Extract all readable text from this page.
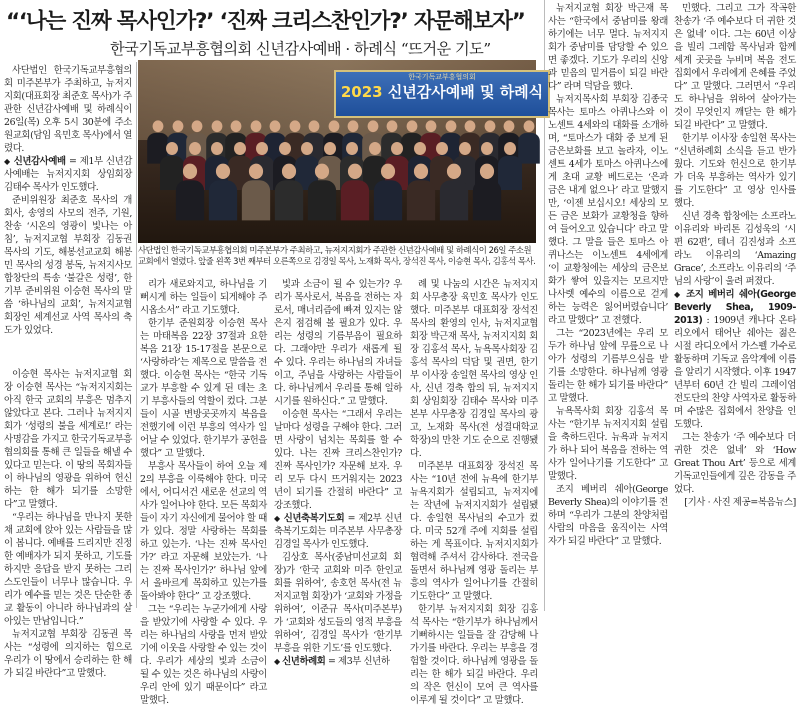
“‘나는 진짜 목사인가?’ ‘진짜 크리스찬인가?’ 자문해보자”
한국기독교부흥협의회 신년감사예배 · 하례식 “뜨거운 기도”

사단법인 한국기독교부흥협의회 미주본부가 주최하고, 뉴저지지회(대표회장 최준호 목사)가 주관한 신년감사예배 및 하례식이 26일(목) 오후 5시 30분에 주소원교회(담임 육민호 목사)에서 열렸다.

◆ 신년감사예배 = 제1부 신년감사예배는 뉴저지지회 상임회장 김태수 목사가 인도했다.

준비위원장 최준호 목사의 개회사, 송영의 사모의 전주, 기원, 찬송 ‘시온의 영광이 빛나는 아침’, 뉴저지교협 부회장 김동권 목사의 기도, 해봉선교교회 해봉민 목사의 성경 봉독, 뉴저지사모합창단의 특송 ‘불갈은 성령’, 한기부 준비위원 이승현 목사의 말씀 ‘하나님의 교회’, 뉴저지교협 회장인 세계선교 사역 목사의 축도가 있었다.

이승현 목사는 뉴저지교협 회장 이승현 목사는 “뉴저지지회는 아직 한국 교회의 부흥은 멈추지 않았다고 본다. 그러나 뉴저지지회가 ‘성령의 불을 세계로!’ 라는 사명감을 가지고 한국기독교부흥협의회를 통해 큰 일들을 해낼 수 있다고 믿는다. 이 땅의 목회자들이 하나님의 영광을 위하여 헌신하는 한 해가 되기를 소망한다”고 말했다.

“우리는 하나님을 만나지 못한 채 교회에 앉아 있는 사람들을 많이 봅니다. 예배를 드리지만 진정한 예배자가 되지 못하고, 기도를 하지만 응답을 받지 못하는 그리스도인들이 너무나 많습니다. 우리가 예수를 믿는 것은 단순한 종교 활동이 아니라 하나님과의 살아있는 만남입니다.”

뉴저지교협 부회장 김동권 목사는 “성령에 의지하는 힘으로 우리가 이 땅에서 승리하는 한 해가 되길 바란다”고 말했다.

한국기독교부흥협의회
2023 신년감사예배 및 하례식
사단법인 한국기독교부흥협의회 미주본부가 주최하고, 뉴저지지회가 주관한 신년감사예배 및 하례식이 26일 주소원교회에서 열렸다. 앞줄 왼쪽 3번 째부터 오른쪽으로 김경일 목사, 노재화 목사, 장석진 목사, 이승현 목사, 김홍석 목사.

리가 새로와지고, 하나님을 기뻐시게 하는 일들이 되게해야 주시옵소서” 라고 기도했다.

한기부 준원회장 이승현 목사는 마태복음 22장 37절과 요한복음 21장 15-17절을 본문으로 ‘사랑하라’는 제목으로 말씀을 전했다. 이승현 목사는 “한국 기독교가 부흥할 수 있게 된 데는 초기 부흥사들의 역할이 컸다. 그분들이 시골 변방곳곳까지 복음을 전했기에 이런 부흥의 역사가 일어날 수 있었다. 한기부가 공헌을 했다” 고 말했다.

부흥사 목사들이 하여 오늘 제2의 부흥을 이룩해야 한다. 미국에서, 어디서건 새로운 선교의 역사가 일어나야 한다. 모든 목회자들이 자기 자신에게 물어야 할 때가 있다. 정말 사랑하는 목회를 하고 있는가. ‘나는 진짜 목사인가?’ 라고 자문해 보았는가. ‘나는 진짜 목사인가?’ 하나님 앞에서 올바르게 목회하고 있는가를 돌아봐야 한다” 고 강조했다.

그는 “우리는 누군가에게 사랑을 받았기에 사랑할 수 있다. 우리는 하나님의 사랑을 먼저 받았기에 이웃을 사랑할 수 있는 것이다. 우리가 세상의 빛과 소금이 될 수 있는 것은 하나님의 사랑이 우리 안에 있기 때문이다” 라고 말했다.

빛과 소금이 될 수 있는가? 우리가 목사로서, 복음을 전하는 자로서, 매너리즘에 빠져 있지는 않은지 점검해 볼 필요가 있다. 우리는 성령의 기름부음이 필요하다. 그래야만 우리가 새롭게 될 수 있다. 우리는 하나님의 자녀들이고, 주님을 사랑하는 사람들이다. 하나님께서 우리를 통해 일하시기를 원하신다.” 고 말했다.

이승현 목사는 “그래서 우리는 날마다 성령을 구해야 한다. 그러면 사랑이 넘치는 목회를 할 수 있다. 나는 진짜 크리스찬인가? 진짜 목사인가? 자문해 보자. 우리 모두 다시 뜨거워지는 2023년이 되기를 간절히 바란다” 고 강조했다.

◆ 신년축복기도회 = 제2부 신년축복기도회는 미주본부 사무총장 김경일 목사가 인도했다.

김상호 목사(중남미선교회 회장)가 ‘한국 교회와 미주 한인교회를 위하여’, 송호헌 목사(전 뉴저지교협 회장)가 ‘교회와 가정을 위하여’, 이준규 목사(미주본부)가 ‘교회와 성도들의 영적 부흥을 위하여’, 김경일 목사가 ‘한기부 부흥을 위한 기도’를 인도했다.

◆ 신년하례회 = 제3부 신년하

례 및 나눔의 시간은 뉴저지지회 사무총장 육민호 목사가 인도했다. 미주본부 대표회장 장석진 목사의 환영의 인사, 뉴저지교협 회장 박근재 목사, 뉴저지지회 회장 김홍석 목사, 뉴욕목사회장 김홍석 목사의 덕담 및 권면, 한기부 이사장 송일현 목사의 영상 인사, 신년 경축 합의 뒤, 뉴저지지회 상임회장 김태수 목사와 미주본부 사무총장 김경일 목사의 광고, 노재화 목사(전 성결대학교 학장)의 만찬 기도 순으로 진행됐다.

미주본부 대표회장 장석진 목사는 “10년 전에 뉴욕에 한기부 뉴욕지회가 설립되고, 뉴저지에는 작년에 뉴저지지회가 설립됐다. 송일현 목사님의 수고가 컸다. 미국 52개 주에 지회를 설립하는 게 목표이다. 뉴저지지회가 협력해 주셔서 감사하다. 전국을 돌면서 하나님께 영광 돌리는 부흥의 역사가 일어나기를 간절히 기도한다” 고 말했다.

한기부 뉴저지지회 회장 김홍석 목사는 “한기부가 하나님께서 기뻐하시는 일들을 잘 감당해 나가기를 바란다. 우리는 부흥을 경험할 것이다. 하나님께 영광을 돌리는 한 해가 되길 바란다. 우리의 작은 헌신이 모여 큰 역사를 이루게 될 것이다” 고 말했다.

뉴저지교협 회장 박근재 목사는 “한국에서 중남미를 왕래하기에는 너무 멀다. 뉴저지지회가 중남미를 담당할 수 있으면 좋겠다. 기도가 우리의 신앙과 믿음의 밑거름이 되길 바란다” 라며 덕담을 했다.

뉴저지목사회 부회장 김종국 목사는 토마스 아퀴나스와 이노센트 4세와의 대화를 소개하며, “토마스가 대화 중 보게 된 금은보화를 보고 놀라자, 이노센트 4세가 토마스 아퀴나스에게 초대 교황 베드로는 ‘은과 금은 내게 없으나’ 라고 말했지만, ‘이젠 보십시오! 세상의 모든 금은 보화가 교황청을 향하여 들어오고 있습니다’ 라고 말했다. 그 말을 들은 토마스 아퀴나스는 이노센트 4세에게 ‘이 교황청에는 세상의 금은보화가 쌓여 있을지는 모르지만 나사렛 예수의 이름으로 걷게 하는 능력은 잃어버렸습니다’ 라고 말했다” 고 전했다.

그는 “2023년에는 우리 모두가 하나님 앞에 무릎으로 나아가 성령의 기름부으심을 받기를 소망한다. 하나님께 영광 돌리는 한 해가 되기를 바란다” 고 말했다.

뉴욕목사회 회장 김홍석 목사는 “한기부 뉴저지지회 설립을 축하드린다. 뉴욕과 뉴저지가 하나 되어 복음을 전하는 역사가 일어나기를 기도한다” 고 말했다.

조지 베버리 쉐아(George Beverly Shea)의 이야기를 전하며 “우리가 그분의 찬양처럼 사람의 마음을 움직이는 사역자가 되길 바란다” 고 말했다.

민했다. 그리고 그가 작곡한 찬송가 ‘주 예수보다 더 귀한 것은 없네’ 이다. 그는 60년 이상을 빌리 그레함 목사님과 함께 세계 곳곳을 누비며 복음 전도 집회에서 우리에게 은혜를 주었다” 고 말했다. 그러면서 “우리도 하나님을 위하여 살아가는 것이 무엇인지 깨닫는 한 해가 되길 바란다” 고 말했다.

한기부 이사장 송일현 목사는 “신년하례회 소식을 듣고 반가웠다. 기도와 헌신으로 한기부가 더욱 부흥하는 역사가 있기를 기도한다” 고 영상 인사를 했다.

신년 경축 합창에는 소프라노 이유리와 바리톤 김성욱의 ‘시편 62편’, 테너 김진성과 소프라노 이유리의 ‘Amazing Grace’, 소프라노 이유리의 ‘주님의 사랑’이 울려 퍼졌다.

◆ 조지 베버리 쉐아(George Beverly Shea, 1909-2013) : 1909년 캐나다 온타리오에서 태어난 쉐아는 젊은 시절 라디오에서 가스펠 가수로 활동하며 기독교 음악계에 이름을 알리기 시작했다. 이후 1947년부터 60년 간 빌리 그레이엄 전도단의 찬양 사역자로 활동하며 수많은 집회에서 찬양을 인도했다.

그는 찬송가 ‘주 예수보다 더 귀한 것은 없네’ 와 ‘How Great Thou Art’ 등으로 세계 기독교인들에게 깊은 감동을 주었다.

[기사 · 사진 제공=복음뉴스]
